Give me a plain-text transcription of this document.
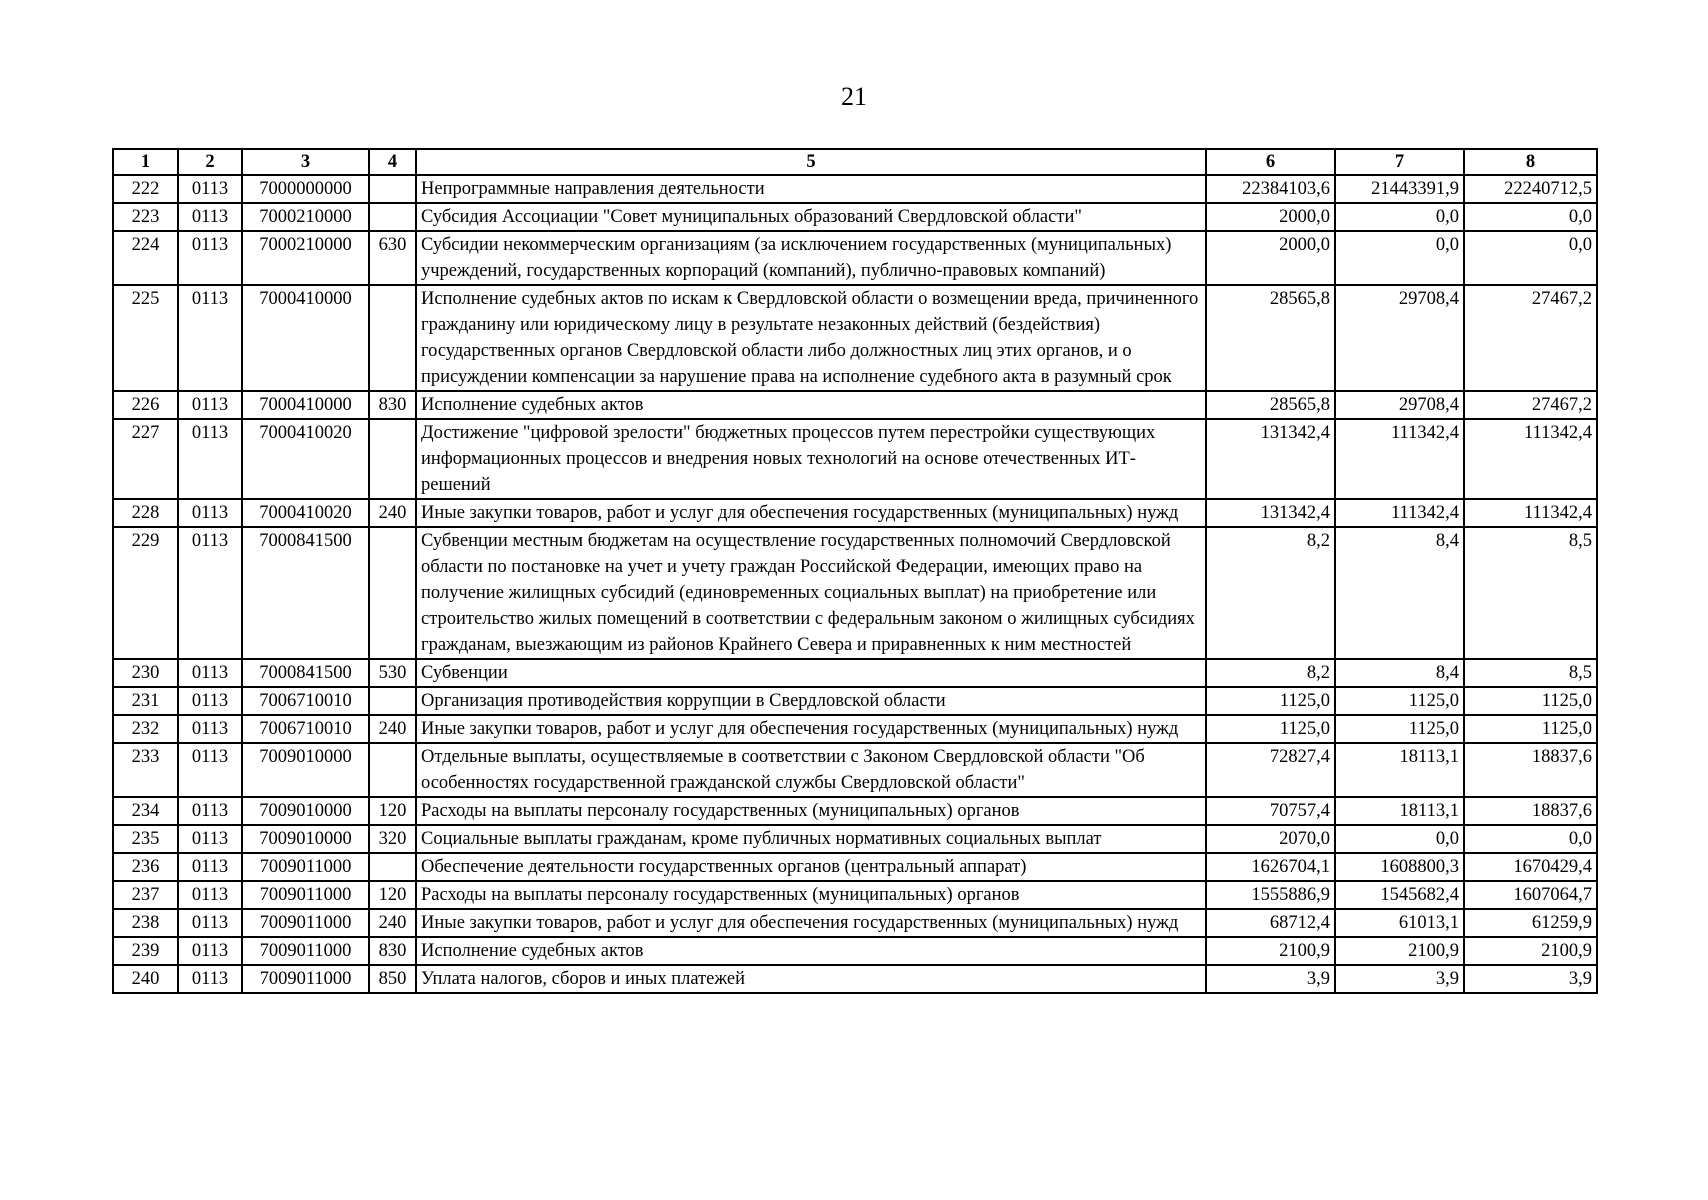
21
1	2	3	4	5	6	7	8
222	0113	7000000000		Непрограммные направления деятельности	22384103,6	21443391,9	22240712,5
223	0113	7000210000		Субсидия Ассоциации "Совет муниципальных образований Свердловской области"	2000,0	0,0	0,0
224	0113	7000210000	630	Субсидии некоммерческим организациям (за исключением государственных (муниципальных) учреждений, государственных корпораций (компаний), публично-правовых компаний)	2000,0	0,0	0,0
225	0113	7000410000		Исполнение судебных актов по искам к Свердловской области о возмещении вреда, причиненного гражданину или юридическому лицу в результате незаконных действий (бездействия) государственных органов Свердловской области либо должностных лиц этих органов, и о присуждении компенсации за нарушение права на исполнение судебного акта в разумный срок	28565,8	29708,4	27467,2
226	0113	7000410000	830	Исполнение судебных актов	28565,8	29708,4	27467,2
227	0113	7000410020		Достижение "цифровой зрелости" бюджетных процессов путем перестройки существующих информационных процессов и внедрения новых технологий на основе отечественных ИТ-решений	131342,4	111342,4	111342,4
228	0113	7000410020	240	Иные закупки товаров, работ и услуг для обеспечения государственных (муниципальных) нужд	131342,4	111342,4	111342,4
229	0113	7000841500		Субвенции местным бюджетам на осуществление государственных полномочий Свердловской области по постановке на учет и учету граждан Российской Федерации, имеющих право на получение жилищных субсидий (единовременных социальных выплат) на приобретение или строительство жилых помещений в соответствии с федеральным законом о жилищных субсидиях гражданам, выезжающим из районов Крайнего Севера и приравненных к ним местностей	8,2	8,4	8,5
230	0113	7000841500	530	Субвенции	8,2	8,4	8,5
231	0113	7006710010		Организация противодействия коррупции в Свердловской области	1125,0	1125,0	1125,0
232	0113	7006710010	240	Иные закупки товаров, работ и услуг для обеспечения государственных (муниципальных) нужд	1125,0	1125,0	1125,0
233	0113	7009010000		Отдельные выплаты, осуществляемые в соответствии с Законом Свердловской области "Об особенностях государственной гражданской службы Свердловской области"	72827,4	18113,1	18837,6
234	0113	7009010000	120	Расходы на выплаты персоналу государственных (муниципальных) органов	70757,4	18113,1	18837,6
235	0113	7009010000	320	Социальные выплаты гражданам, кроме публичных нормативных социальных выплат	2070,0	0,0	0,0
236	0113	7009011000		Обеспечение деятельности государственных органов (центральный аппарат)	1626704,1	1608800,3	1670429,4
237	0113	7009011000	120	Расходы на выплаты персоналу государственных (муниципальных) органов	1555886,9	1545682,4	1607064,7
238	0113	7009011000	240	Иные закупки товаров, работ и услуг для обеспечения государственных (муниципальных) нужд	68712,4	61013,1	61259,9
239	0113	7009011000	830	Исполнение судебных актов	2100,9	2100,9	2100,9
240	0113	7009011000	850	Уплата налогов, сборов и иных платежей	3,9	3,9	3,9
